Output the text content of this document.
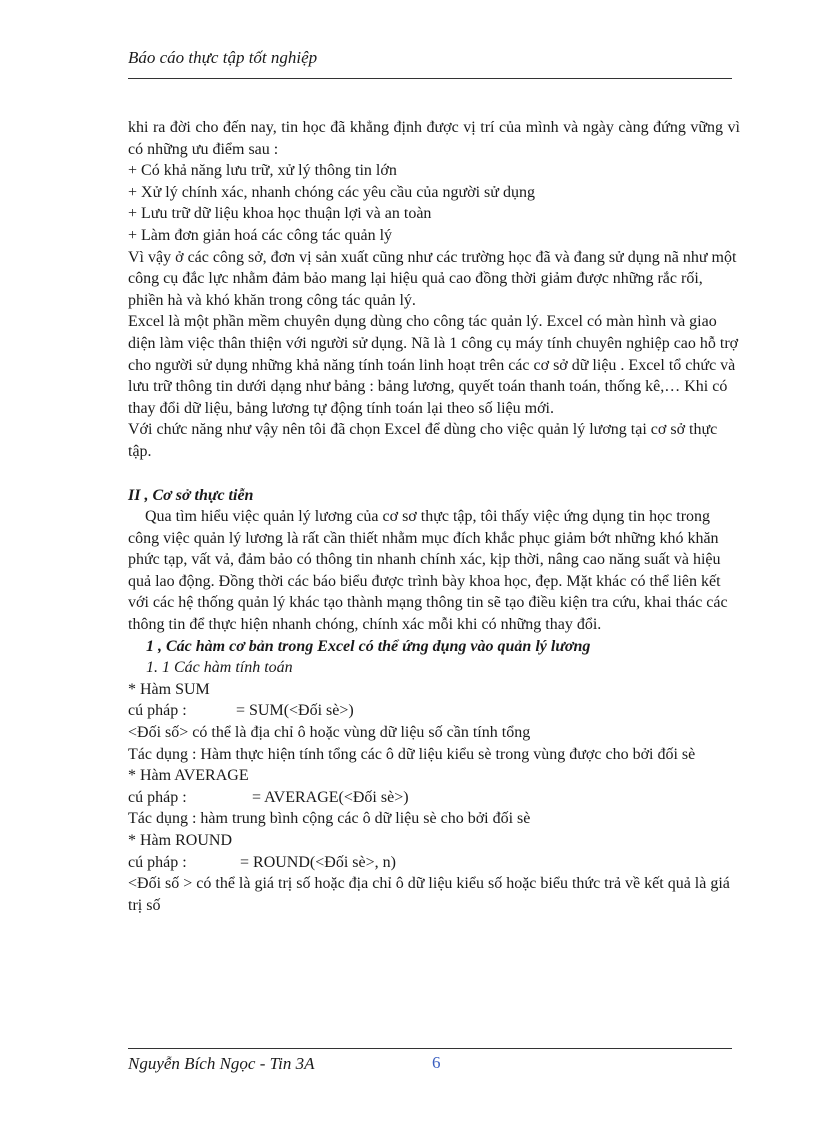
Báo cáo thực tập tốt nghiệp

khi ra đời cho đến nay, tin học đã khẳng định được vị trí của mình và ngày càng đứng vững vì có những ưu điểm sau :

+ Có khả năng lưu trữ, xử lý thông tin lớn

+ Xử lý chính xác, nhanh chóng các yêu cầu của người sử dụng

+ Lưu trữ dữ liệu khoa học thuận lợi và an toàn

+ Làm đơn giản hoá các công tác quản lý

Vì vậy ở các công sở, đơn vị sản xuất cũng như các trường học đã và đang sử dụng nã như một công cụ đắc lực nhằm đảm bảo mang lại hiệu quả cao đồng thời giảm được những rắc rối, phiền hà và khó khăn trong công tác quản lý.

Excel là một phần mềm chuyên dụng dùng cho công tác quản lý. Excel có màn hình và giao diện làm việc thân thiện với người sử dụng. Nã là 1 công cụ máy tính chuyên nghiệp cao hỗ trợ cho người sử dụng những khả năng tính toán linh hoạt trên các cơ sở dữ liệu . Excel tổ chức và lưu trữ thông tin dưới dạng như bảng : bảng lương, quyết toán thanh toán, thống kê,… Khi có thay đổi dữ liệu, bảng lương tự động tính toán lại theo số liệu mới.

Với chức năng như vậy nên tôi đã chọn Excel để dùng cho việc quản lý lương tại cơ sở thực tập.

II , Cơ sở thực tiễn

Qua tìm hiểu việc quản lý lương của cơ sơ thực tập, tôi thấy việc ứng dụng tin học trong công việc quản lý lương là rất cần thiết nhằm mục đích khắc phục giảm bớt những khó khăn phức tạp, vất vả, đảm bảo có thông tin nhanh chính xác, kịp thời, nâng cao năng suất và hiệu quả lao động. Đồng thời các báo biểu được trình bày khoa học, đẹp. Mặt khác có thể liên kết với các hệ thống quản lý khác tạo thành mạng thông tin sẽ tạo điều kiện tra cứu, khai thác các thông tin để thực hiện nhanh chóng, chính xác mỗi khi có những thay đổi.

1 , Các hàm cơ bản trong Excel có thể ứng dụng vào quản lý lương

1. 1 Các hàm tính toán

* Hàm SUM

cú pháp :	= SUM(<Đối sè>)

<Đối số> có thể là địa chỉ ô hoặc vùng dữ liệu số cần tính tổng

Tác dụng : Hàm thực hiện tính tổng các ô dữ liệu kiểu sè trong vùng được cho bởi đối sè

* Hàm AVERAGE

cú pháp :	= AVERAGE(<Đối sè>)

Tác dụng : hàm trung bình cộng các ô dữ liệu sè cho bởi đối sè

* Hàm ROUND

cú pháp :	= ROUND(<Đối sè>, n)

<Đối số > có thể là giá trị số hoặc địa chỉ ô dữ liệu kiểu số hoặc biểu thức trả về kết quả là giá trị số

Nguyễn Bích Ngọc - Tin 3A	6
